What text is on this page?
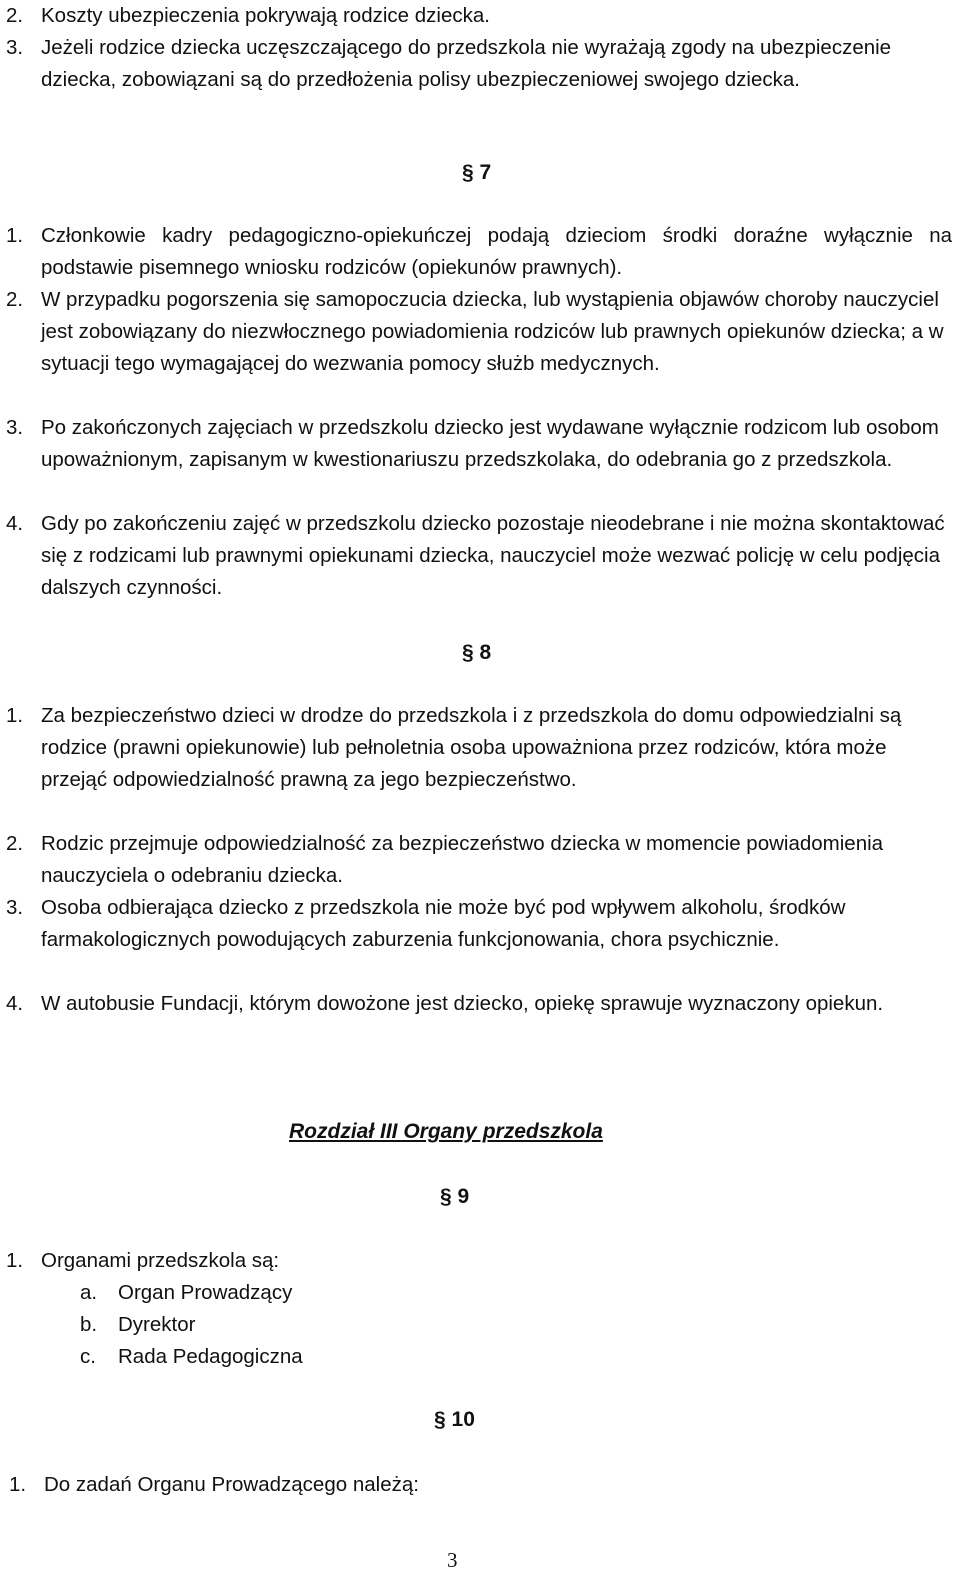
2. Koszty ubezpieczenia pokrywają rodzice dziecka.
3. Jeżeli rodzice dziecka uczęszczającego do przedszkola nie wyrażają zgody na ubezpieczenie dziecka, zobowiązani są do przedłożenia polisy ubezpieczeniowej swojego dziecka.
§ 7
1. Członkowie kadry pedagogiczno-opiekuńczej podają dzieciom środki doraźne wyłącznie na podstawie pisemnego wniosku rodziców (opiekunów prawnych).
2. W przypadku pogorszenia się samopoczucia dziecka, lub wystąpienia objawów choroby nauczyciel jest zobowiązany do niezwłocznego powiadomienia rodziców lub prawnych opiekunów dziecka; a w sytuacji tego wymagającej do wezwania pomocy służb medycznych.
3. Po zakończonych zajęciach w przedszkolu dziecko jest wydawane wyłącznie rodzicom lub osobom upoważnionym, zapisanym w kwestionariuszu przedszkolaka, do odebrania go z przedszkola.
4. Gdy po zakończeniu zajęć w przedszkolu dziecko pozostaje nieodebrane i nie można skontaktować się z rodzicami lub prawnymi opiekunami dziecka, nauczyciel może wezwać policję w celu podjęcia dalszych czynności.
§ 8
1. Za bezpieczeństwo dzieci w drodze do przedszkola i z przedszkola do domu odpowiedzialni są rodzice (prawni opiekunowie) lub pełnoletnia osoba upoważniona przez rodziców, która może przejąć odpowiedzialność prawną za jego bezpieczeństwo.
2. Rodzic przejmuje odpowiedzialność za bezpieczeństwo dziecka w momencie powiadomienia nauczyciela o odebraniu dziecka.
3. Osoba odbierająca dziecko z przedszkola nie może być pod wpływem alkoholu, środków farmakologicznych powodujących zaburzenia funkcjonowania, chora psychicznie.
4. W autobusie Fundacji, którym dowożone jest dziecko, opiekę sprawuje wyznaczony opiekun.
Rozdział III Organy przedszkola
§ 9
1. Organami przedszkola są:
a. Organ Prowadzący
b. Dyrektor
c. Rada Pedagogiczna
§ 10
1. Do zadań Organu Prowadzącego należą:
3
